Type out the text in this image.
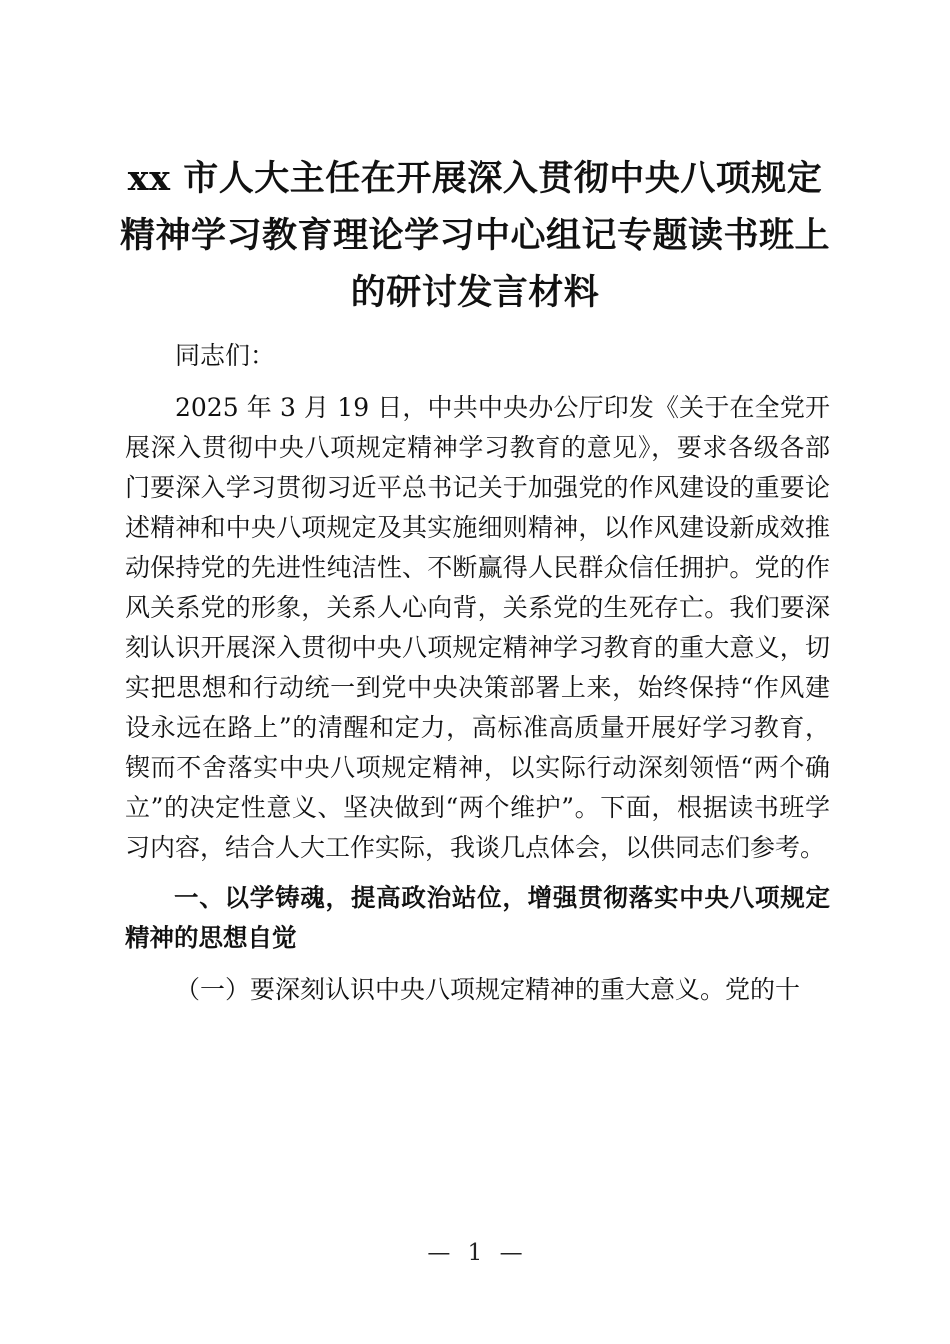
xx 市人大主任在开展深入贯彻中央八项规定
精神学习教育理论学习中心组记专题读书班上
的研讨发言材料

同志们：

2025 年 3 月 19 日，中共中央办公厅印发《关于在全党开展深入贯彻中央八项规定精神学习教育的意见》，要求各级各部门要深入学习贯彻习近平总书记关于加强党的作风建设的重要论述精神和中央八项规定及其实施细则精神，以作风建设新成效推动保持党的先进性纯洁性、不断赢得人民群众信任拥护。党的作风关系党的形象，关系人心向背，关系党的生死存亡。我们要深刻认识开展深入贯彻中央八项规定精神学习教育的重大意义，切实把思想和行动统一到党中央决策部署上来，始终保持“作风建设永远在路上”的清醒和定力，高标准高质量开展好学习教育，锲而不舍落实中央八项规定精神，以实际行动深刻领悟“两个确立”的决定性意义、坚决做到“两个维护”。下面，根据读书班学习内容，结合人大工作实际，我谈几点体会，以供同志们参考。

一、以学铸魂，提高政治站位，增强贯彻落实中央八项规定精神的思想自觉

（一）要深刻认识中央八项规定精神的重大意义。党的十

— 1 —
